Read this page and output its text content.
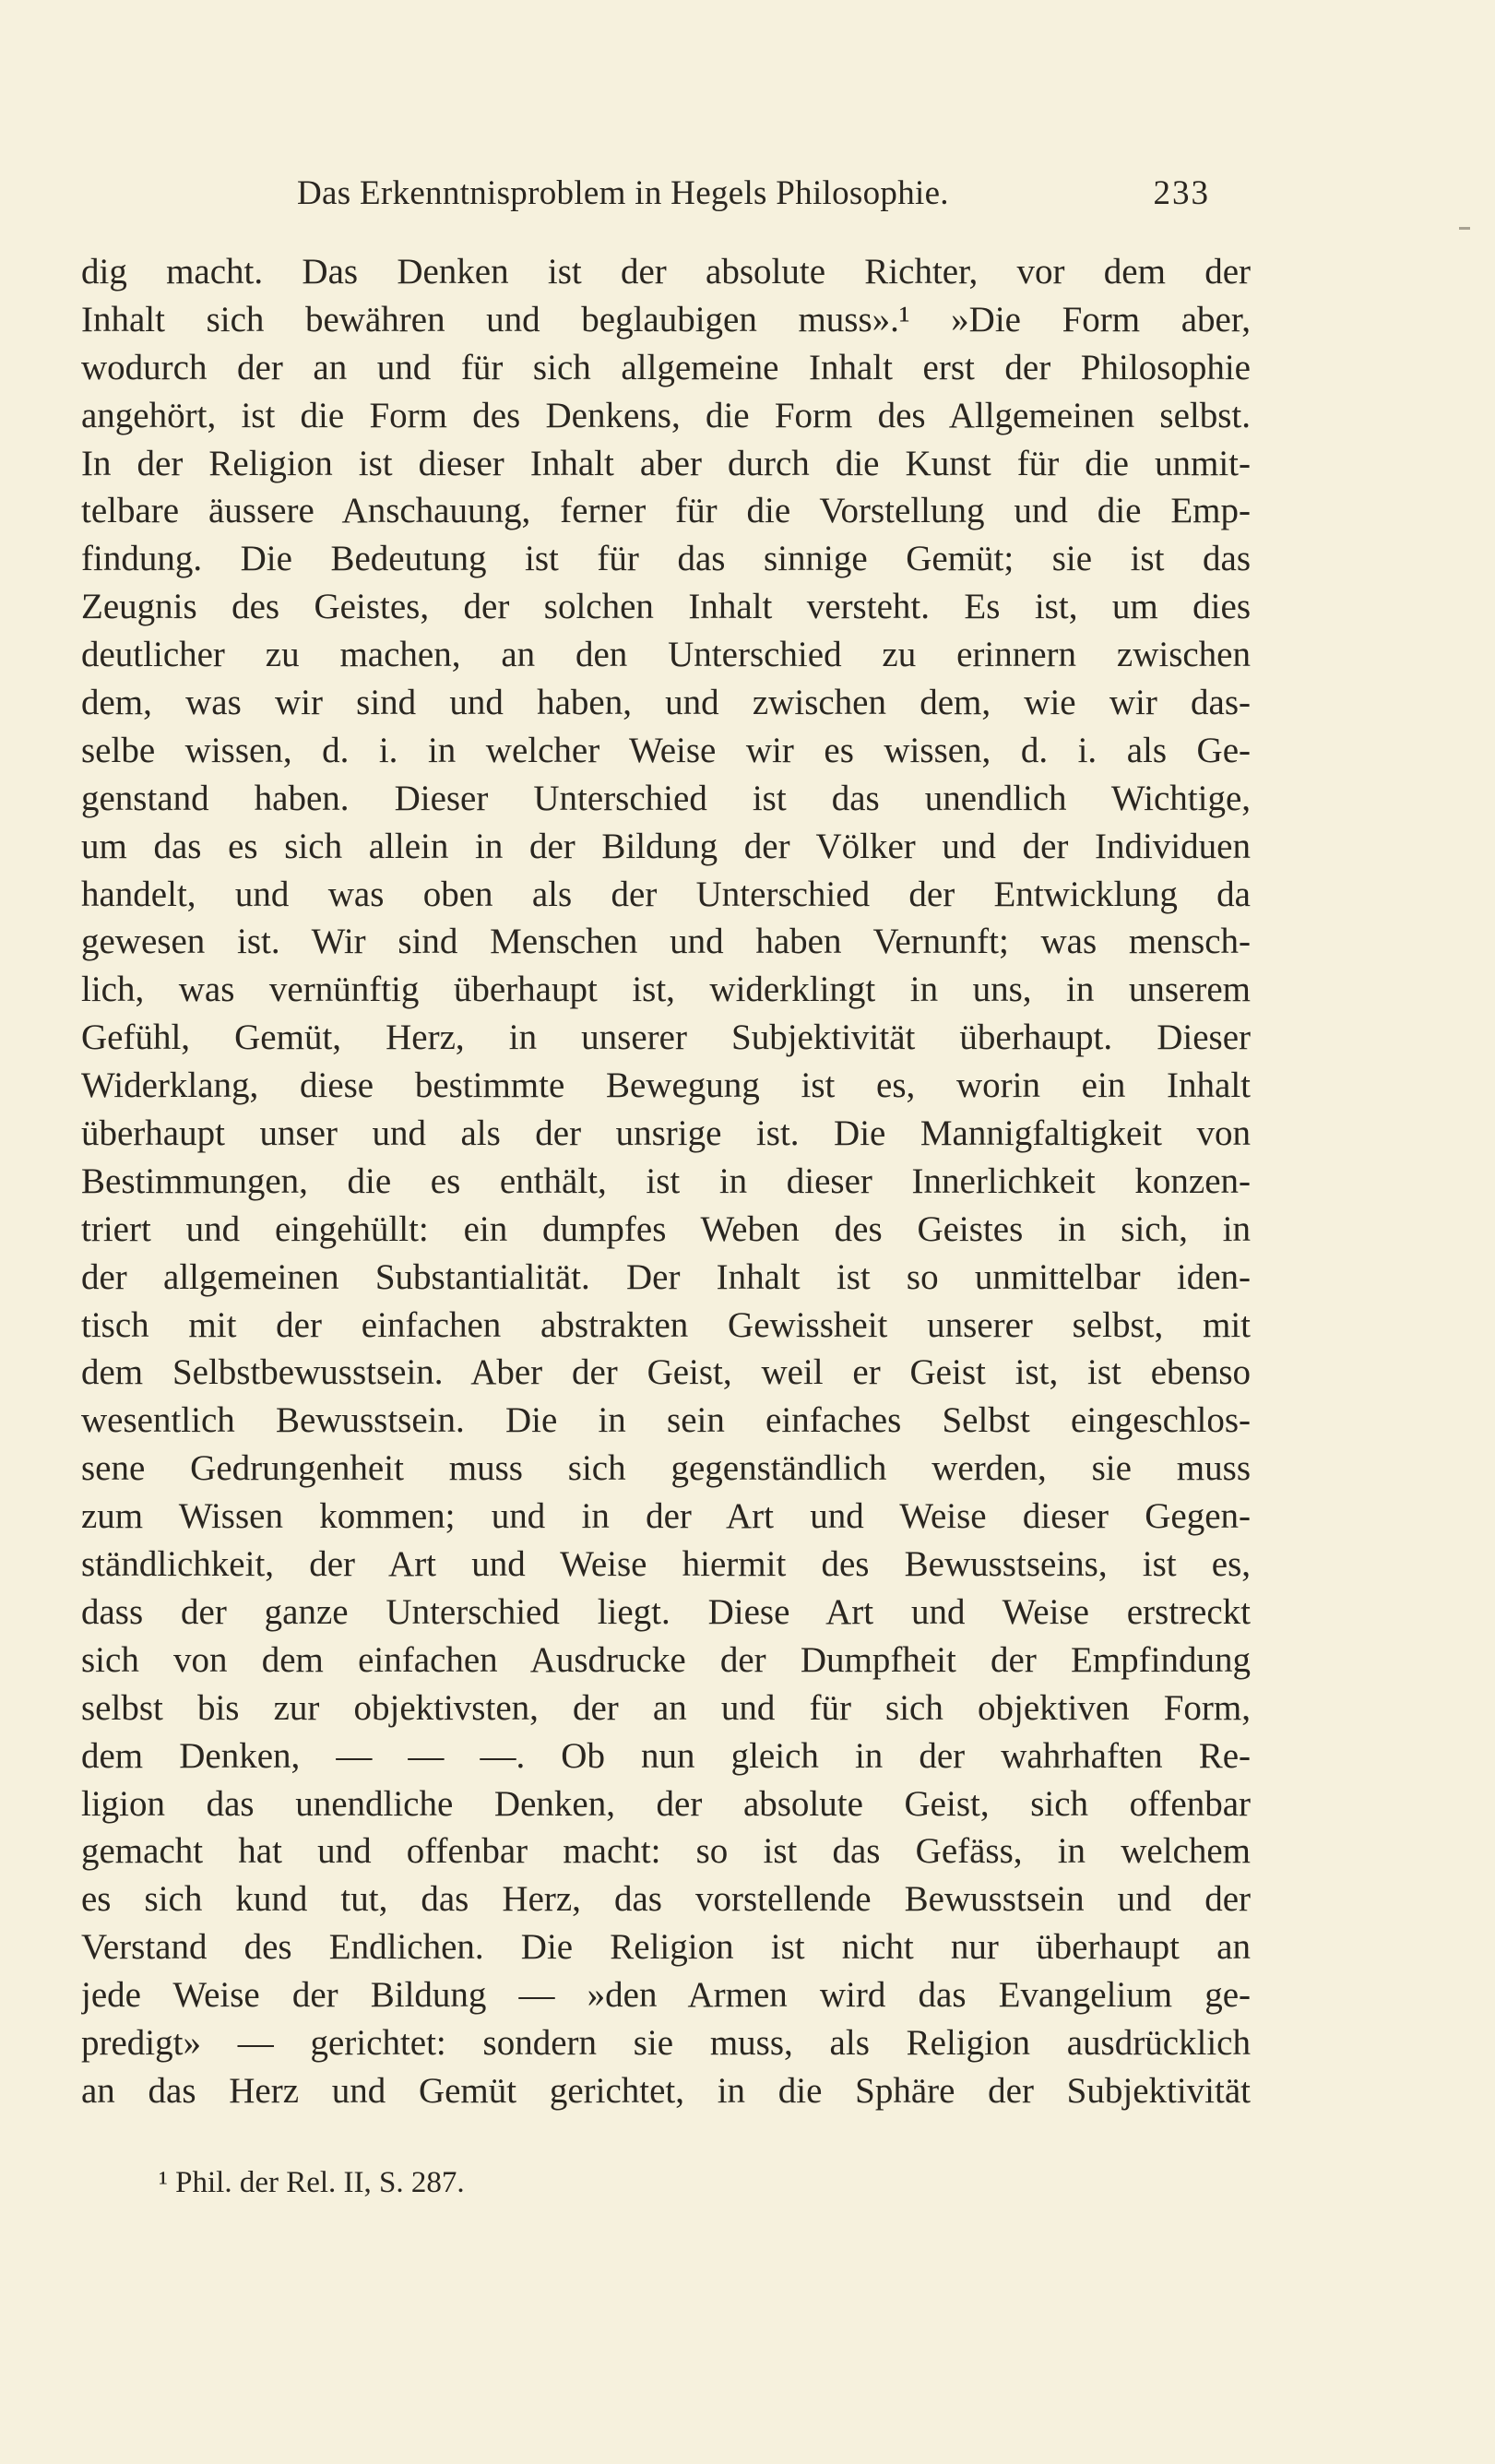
Das Erkenntnisproblem in Hegels Philosophie.	233
dig macht. Das Denken ist der absolute Richter, vor dem der
Inhalt sich bewähren und beglaubigen muss».¹ »Die Form aber,
wodurch der an und für sich allgemeine Inhalt erst der Philosophie
angehört, ist die Form des Denkens, die Form des Allgemeinen selbst.
In der Religion ist dieser Inhalt aber durch die Kunst für die unmit-
telbare äussere Anschauung, ferner für die Vorstellung und die Emp-
findung. Die Bedeutung ist für das sinnige Gemüt; sie ist das
Zeugnis des Geistes, der solchen Inhalt versteht. Es ist, um dies
deutlicher zu machen, an den Unterschied zu erinnern zwischen
dem, was wir sind und haben, und zwischen dem, wie wir das-
selbe wissen, d. i. in welcher Weise wir es wissen, d. i. als Ge-
genstand haben. Dieser Unterschied ist das unendlich Wichtige,
um das es sich allein in der Bildung der Völker und der Individuen
handelt, und was oben als der Unterschied der Entwicklung da
gewesen ist. Wir sind Menschen und haben Vernunft; was mensch-
lich, was vernünftig überhaupt ist, widerklingt in uns, in unserem
Gefühl, Gemüt, Herz, in unserer Subjektivität überhaupt. Dieser
Widerklang, diese bestimmte Bewegung ist es, worin ein Inhalt
überhaupt unser und als der unsrige ist. Die Mannigfaltigkeit von
Bestimmungen, die es enthält, ist in dieser Innerlichkeit konzen-
triert und eingehüllt: ein dumpfes Weben des Geistes in sich, in
der allgemeinen Substantialität. Der Inhalt ist so unmittelbar iden-
tisch mit der einfachen abstrakten Gewissheit unserer selbst, mit
dem Selbstbewusstsein. Aber der Geist, weil er Geist ist, ist ebenso
wesentlich Bewusstsein. Die in sein einfaches Selbst eingeschlos-
sene Gedrungenheit muss sich gegenständlich werden, sie muss
zum Wissen kommen; und in der Art und Weise dieser Gegen-
ständlichkeit, der Art und Weise hiermit des Bewusstseins, ist es,
dass der ganze Unterschied liegt. Diese Art und Weise erstreckt
sich von dem einfachen Ausdrucke der Dumpfheit der Empfindung
selbst bis zur objektivsten, der an und für sich objektiven Form,
dem Denken, — — —. Ob nun gleich in der wahrhaften Re-
ligion das unendliche Denken, der absolute Geist, sich offenbar
gemacht hat und offenbar macht: so ist das Gefäss, in welchem
es sich kund tut, das Herz, das vorstellende Bewusstsein und der
Verstand des Endlichen. Die Religion ist nicht nur überhaupt an
jede Weise der Bildung — »den Armen wird das Evangelium ge-
predigt» — gerichtet: sondern sie muss, als Religion ausdrücklich
an das Herz und Gemüt gerichtet, in die Sphäre der Subjektivität
¹ Phil. der Rel. II, S. 287.
